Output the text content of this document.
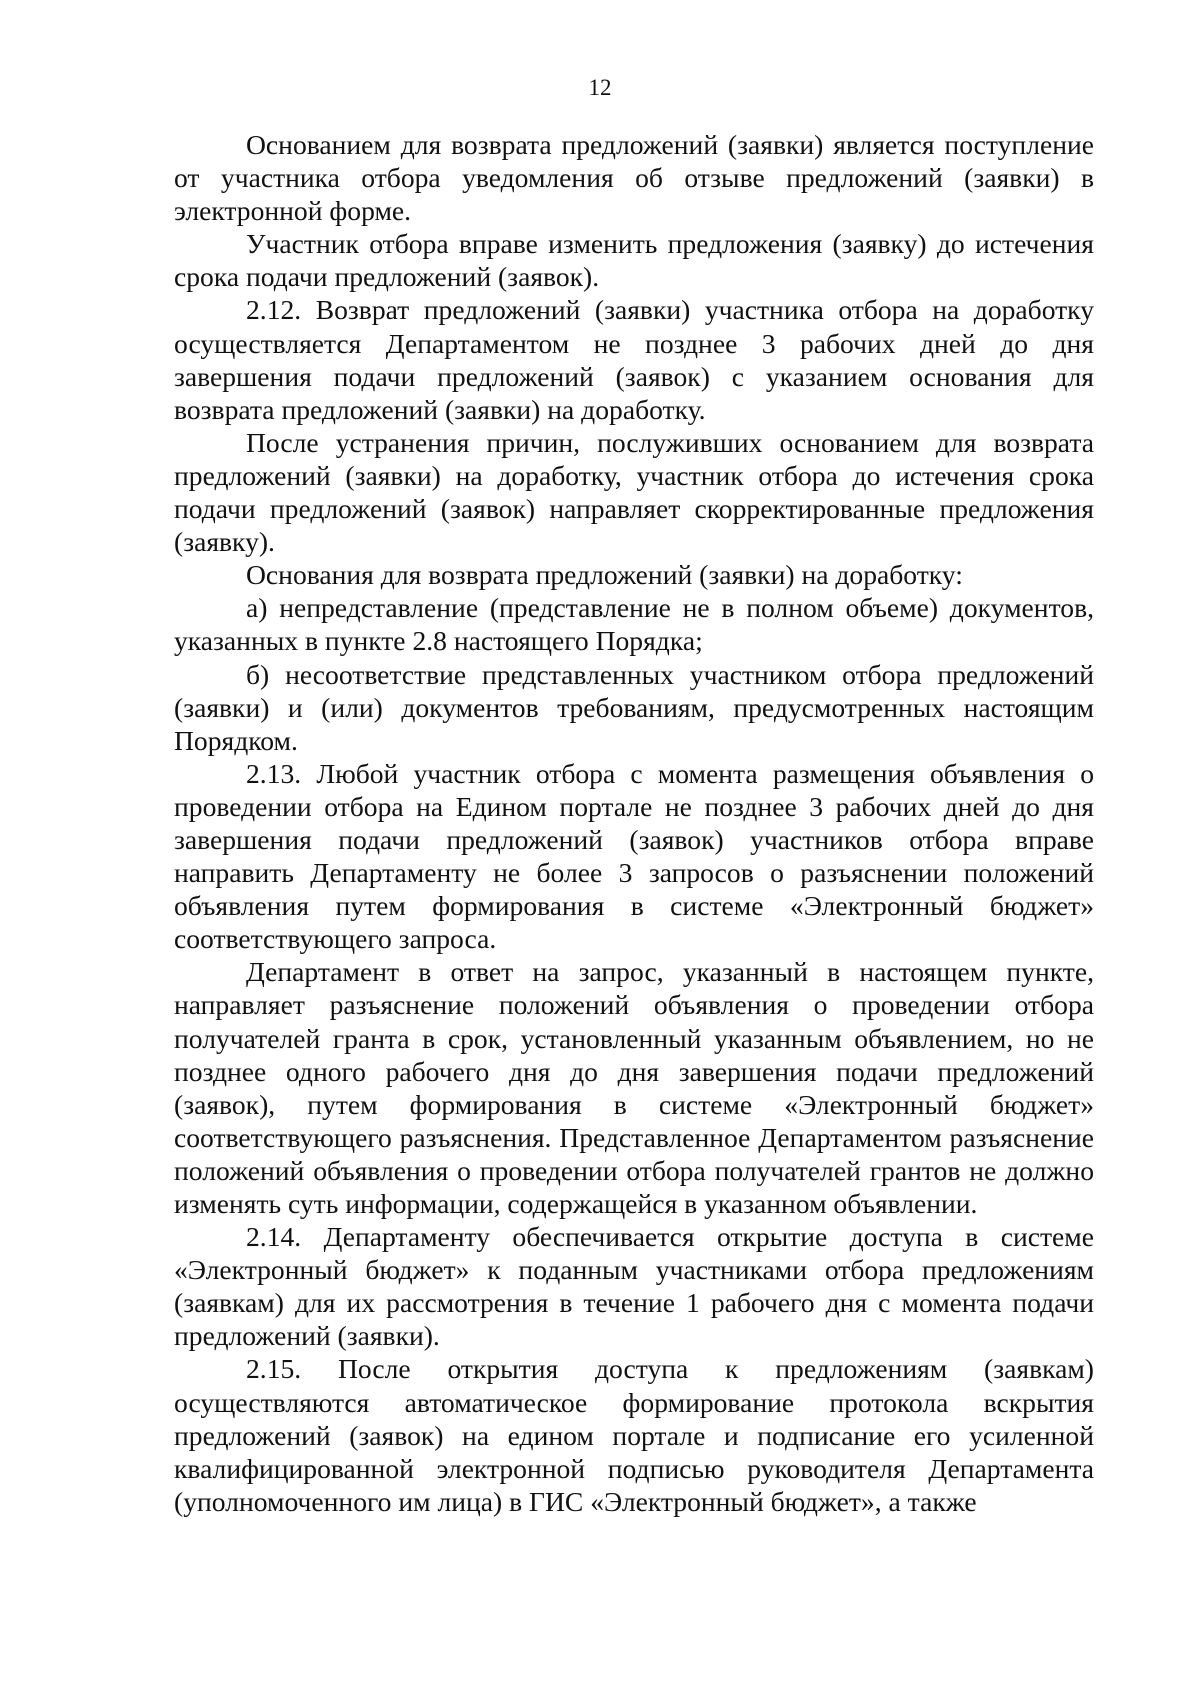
12

Основанием для возврата предложений (заявки) является поступление от участника отбора уведомления об отзыве предложений (заявки) в электронной форме.

Участник отбора вправе изменить предложения (заявку) до истечения срока подачи предложений (заявок).

2.12. Возврат предложений (заявки) участника отбора на доработку осуществляется Департаментом не позднее 3 рабочих дней до дня завершения подачи предложений (заявок) с указанием основания для возврата предложений (заявки) на доработку.

После устранения причин, послуживших основанием для возврата предложений (заявки) на доработку, участник отбора до истечения срока подачи предложений (заявок) направляет скорректированные предложения (заявку).

Основания для возврата предложений (заявки) на доработку:

а) непредставление (представление не в полном объеме) документов, указанных в пункте 2.8 настоящего Порядка;

б) несоответствие представленных участником отбора предложений (заявки) и (или) документов требованиям, предусмотренных настоящим Порядком.

2.13. Любой участник отбора с момента размещения объявления о проведении отбора на Едином портале не позднее 3 рабочих дней до дня завершения подачи предложений (заявок) участников отбора вправе направить Департаменту не более 3 запросов о разъяснении положений объявления путем формирования в системе «Электронный бюджет» соответствующего запроса.

Департамент в ответ на запрос, указанный в настоящем пункте, направляет разъяснение положений объявления о проведении отбора получателей гранта в срок, установленный указанным объявлением, но не позднее одного рабочего дня до дня завершения подачи предложений (заявок), путем формирования в системе «Электронный бюджет» соответствующего разъяснения. Представленное Департаментом разъяснение положений объявления о проведении отбора получателей грантов не должно изменять суть информации, содержащейся в указанном объявлении.

2.14. Департаменту обеспечивается открытие доступа в системе «Электронный бюджет» к поданным участниками отбора предложениям (заявкам) для их рассмотрения в течение 1 рабочего дня с момента подачи предложений (заявки).

2.15. После открытия доступа к предложениям (заявкам) осуществляются автоматическое формирование протокола вскрытия предложений (заявок) на едином портале и подписание его усиленной квалифицированной электронной подписью руководителя Департамента (уполномоченного им лица) в ГИС «Электронный бюджет», а также
